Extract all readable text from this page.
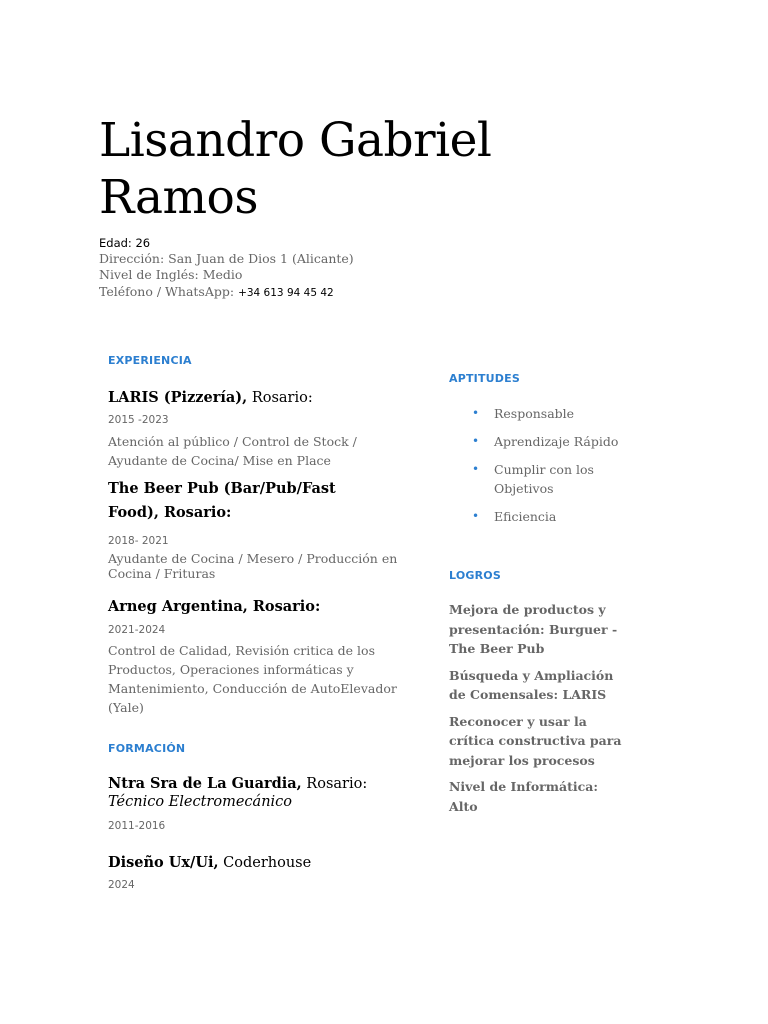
Lisandro Gabriel
Ramos
Edad: 26
Dirección: San Juan de Dios 1 (Alicante)
Nivel de Inglés: Medio
Teléfono / WhatsApp: +34 613 94 45 42
EXPERIENCIA
LARIS (Pizzería), Rosario:
2015 -2023
Atención al público / Control de Stock / Ayudante de Cocina/ Mise en Place
The Beer Pub (Bar/Pub/Fast Food), Rosario:
2018- 2021
Ayudante de Cocina / Mesero / Producción en Cocina / Frituras
Arneg Argentina, Rosario:
2021-2024
Control de Calidad, Revisión critica de los Productos, Operaciones informáticas y Mantenimiento, Conducción de AutoElevador (Yale)
FORMACIÓN
Ntra Sra de La Guardia, Rosario: Técnico Electromecánico
2011-2016
Diseño Ux/Ui, Coderhouse
2024
APTITUDES
• Responsable
• Aprendizaje Rápido
• Cumplir con los Objetivos
• Eficiencia
LOGROS
Mejora de productos y presentación: Burguer - The Beer Pub
Búsqueda y Ampliación de Comensales: LARIS
Reconocer y usar la crítica constructiva para mejorar los procesos
Nivel de Informática: Alto
